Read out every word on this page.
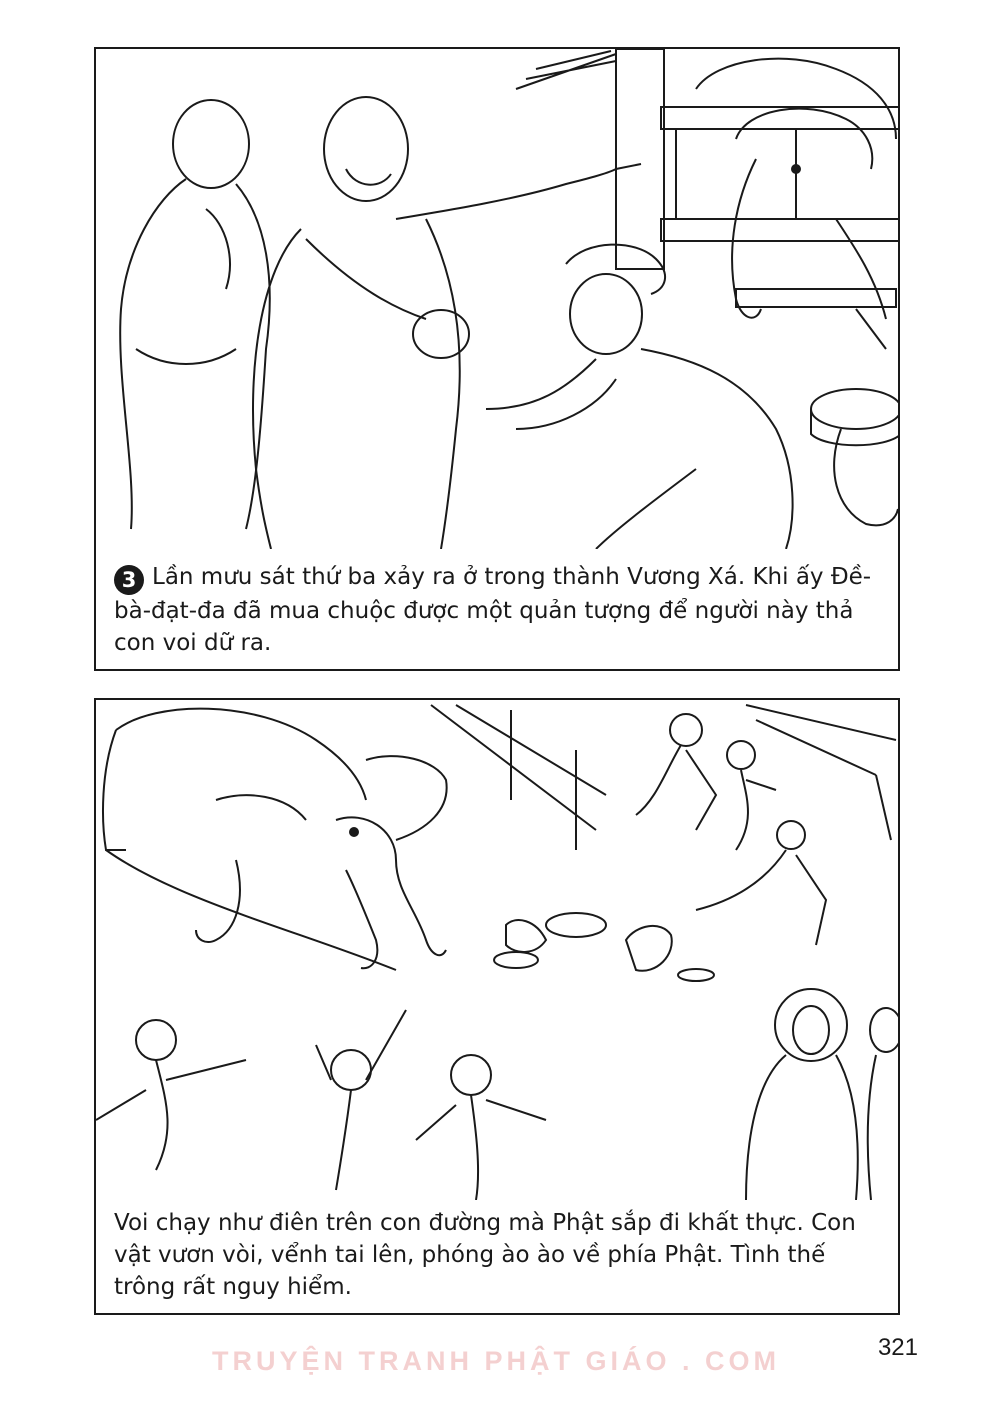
3 Lần mưu sát thứ ba xảy ra ở trong thành Vương Xá. Khi ấy Đề-bà-đạt-đa đã mua chuộc được một quản tượng để người này thả con voi dữ ra.
Voi chạy như điên trên con đường mà Phật sắp đi khất thực. Con vật vươn vòi, vểnh tai lên, phóng ào ào về phía Phật. Tình thế trông rất nguy hiểm.
321
TRUYỆN TRANH PHẬT GIÁO . COM
